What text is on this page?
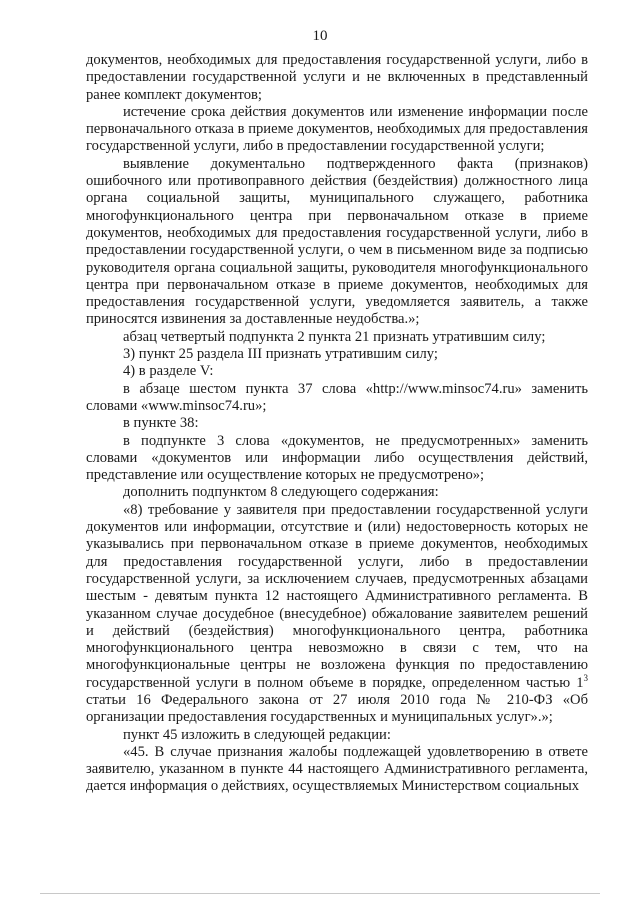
10

документов, необходимых для предоставления государственной услуги, либо в предоставлении государственной услуги и не включенных в представленный ранее комплект документов;

истечение срока действия документов или изменение информации после первоначального отказа в приеме документов, необходимых для предоставления государственной услуги, либо в предоставлении государственной услуги;

выявление документально подтвержденного факта (признаков) ошибочного или противоправного действия (бездействия) должностного лица органа социальной защиты, муниципального служащего, работника многофункционального центра при первоначальном отказе в приеме документов, необходимых для предоставления государственной услуги, либо в предоставлении государственной услуги, о чем в письменном виде за подписью руководителя органа социальной защиты, руководителя многофункционального центра при первоначальном отказе в приеме документов, необходимых для предоставления государственной услуги, уведомляется заявитель, а также приносятся извинения за доставленные неудобства.»;

абзац четвертый подпункта 2 пункта 21 признать утратившим силу;

3) пункт 25 раздела III признать утратившим силу;

4) в разделе V:

в абзаце шестом пункта 37 слова «http://www.minsoc74.ru» заменить словами «www.minsoc74.ru»;

в пункте 38:

в подпункте 3 слова «документов, не предусмотренных» заменить словами «документов или информации либо осуществления действий, представление или осуществление которых не предусмотрено»;

дополнить подпунктом 8 следующего содержания:

«8) требование у заявителя при предоставлении государственной услуги документов или информации, отсутствие и (или) недостоверность которых не указывались при первоначальном отказе в приеме документов, необходимых для предоставления государственной услуги, либо в предоставлении государственной услуги, за исключением случаев, предусмотренных абзацами шестым - девятым пункта 12 настоящего Административного регламента. В указанном случае досудебное (внесудебное) обжалование заявителем решений и действий (бездействия) многофункционального центра, работника многофункционального центра невозможно в связи с тем, что на многофункциональные центры не возложена функция по предоставлению государственной услуги в полном объеме в порядке, определенном частью $1^3$ статьи 16 Федерального закона от 27 июля 2010 года № 210-ФЗ «Об организации предоставления государственных и муниципальных услуг».»;

пункт 45 изложить в следующей редакции:

«45. В случае признания жалобы подлежащей удовлетворению в ответе заявителю, указанном в пункте 44 настоящего Административного регламента, дается информация о действиях, осуществляемых Министерством социальных
